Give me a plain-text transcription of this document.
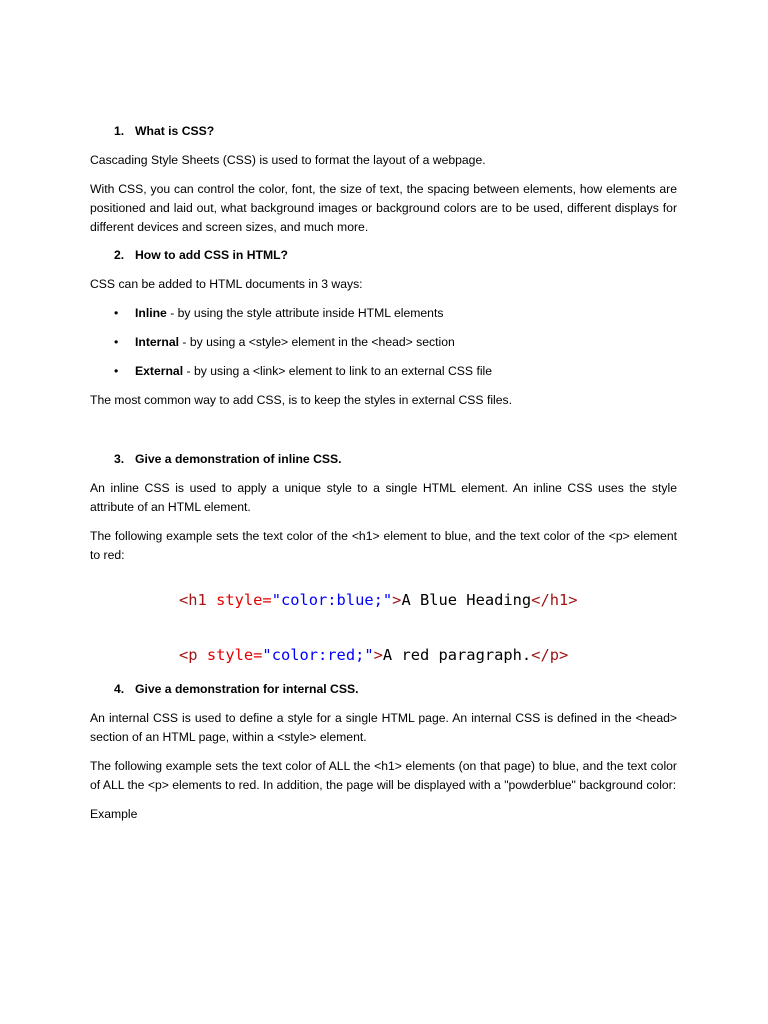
1. What is CSS?

Cascading Style Sheets (CSS) is used to format the layout of a webpage.

With CSS, you can control the color, font, the size of text, the spacing between elements, how elements are positioned and laid out, what background images or background colors are to be used, different displays for different devices and screen sizes, and much more.

2. How to add CSS in HTML?

CSS can be added to HTML documents in 3 ways:

•	Inline - by using the style attribute inside HTML elements
•	Internal - by using a <style> element in the <head> section
•	External - by using a <link> element to link to an external CSS file

The most common way to add CSS, is to keep the styles in external CSS files.

3. Give a demonstration of inline CSS.

An inline CSS is used to apply a unique style to a single HTML element. An inline CSS uses the style attribute of an HTML element.

The following example sets the text color of the <h1> element to blue, and the text color of the <p> element to red:

<h1 style="color:blue;">A Blue Heading</h1>
<p style="color:red;">A red paragraph.</p>
4. Give a demonstration for internal CSS.

An internal CSS is used to define a style for a single HTML page. An internal CSS is defined in the <head> section of an HTML page, within a <style> element.

The following example sets the text color of ALL the <h1> elements (on that page) to blue, and the text color of ALL the <p> elements to red. In addition, the page will be displayed with a "powderblue" background color:

Example
